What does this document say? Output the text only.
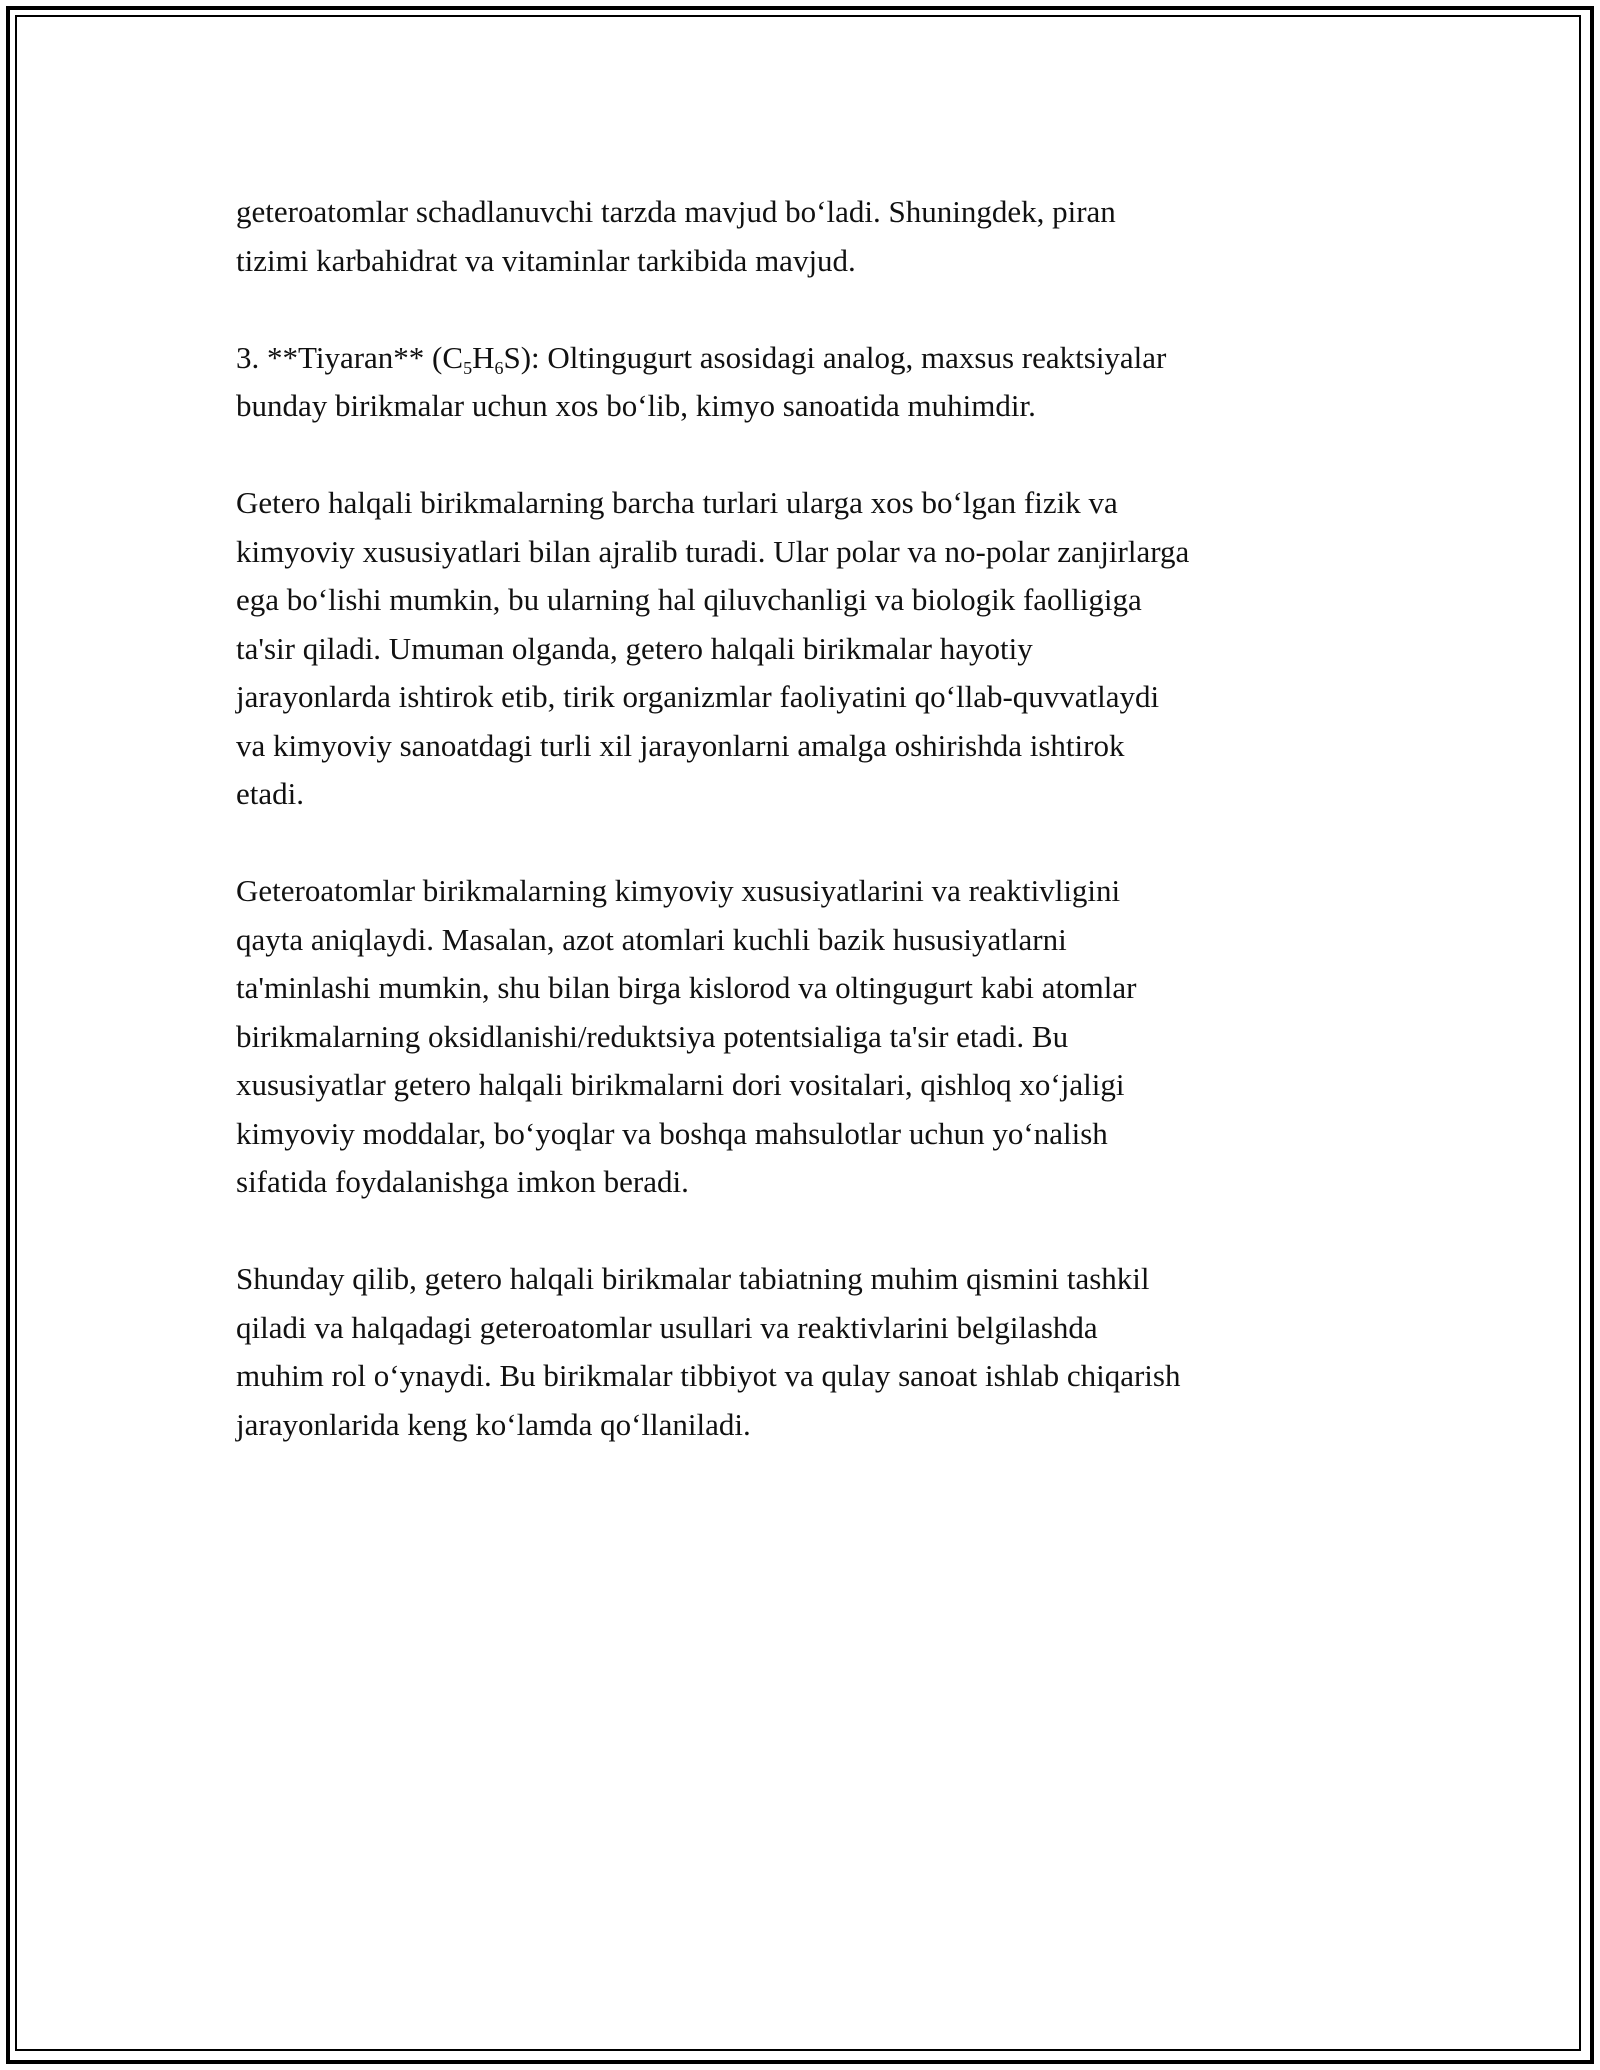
geteroatomlar schadlanuvchi tarzda mavjud bo‘ladi. Shuningdek, piran
tizimi karbahidrat va vitaminlar tarkibida mavjud.

3. **Tiyaran** $(C_5H_6S)$: Oltingugurt asosidagi analog, maxsus reaktsiyalar
bunday birikmalar uchun xos bo‘lib, kimyo sanoatida muhimdir.

Getero halqali birikmalarning barcha turlari ularga xos bo‘lgan fizik va
kimyoviy xususiyatlari bilan ajralib turadi. Ular polar va no-polar zanjirlarga
ega bo‘lishi mumkin, bu ularning hal qiluvchanligi va biologik faolligiga
ta'sir qiladi. Umuman olganda, getero halqali birikmalar hayotiy
jarayonlarda ishtirok etib, tirik organizmlar faoliyatini qo‘llab-quvvatlaydi
va kimyoviy sanoatdagi turli xil jarayonlarni amalga oshirishda ishtirok
etadi.

Geteroatomlar birikmalarning kimyoviy xususiyatlarini va reaktivligini
qayta aniqlaydi. Masalan, azot atomlari kuchli bazik hususiyatlarni
ta'minlashi mumkin, shu bilan birga kislorod va oltingugurt kabi atomlar
birikmalarning oksidlanishi/reduktsiya potentsialiga ta'sir etadi. Bu
xususiyatlar getero halqali birikmalarni dori vositalari, qishloq xo‘jaligi
kimyoviy moddalar, bo‘yoqlar va boshqa mahsulotlar uchun yo‘nalish
sifatida foydalanishga imkon beradi.

Shunday qilib, getero halqali birikmalar tabiatning muhim qismini tashkil
qiladi va halqadagi geteroatomlar usullari va reaktivlarini belgilashda
muhim rol o‘ynaydi. Bu birikmalar tibbiyot va qulay sanoat ishlab chiqarish
jarayonlarida keng ko‘lamda qo‘llaniladi.
